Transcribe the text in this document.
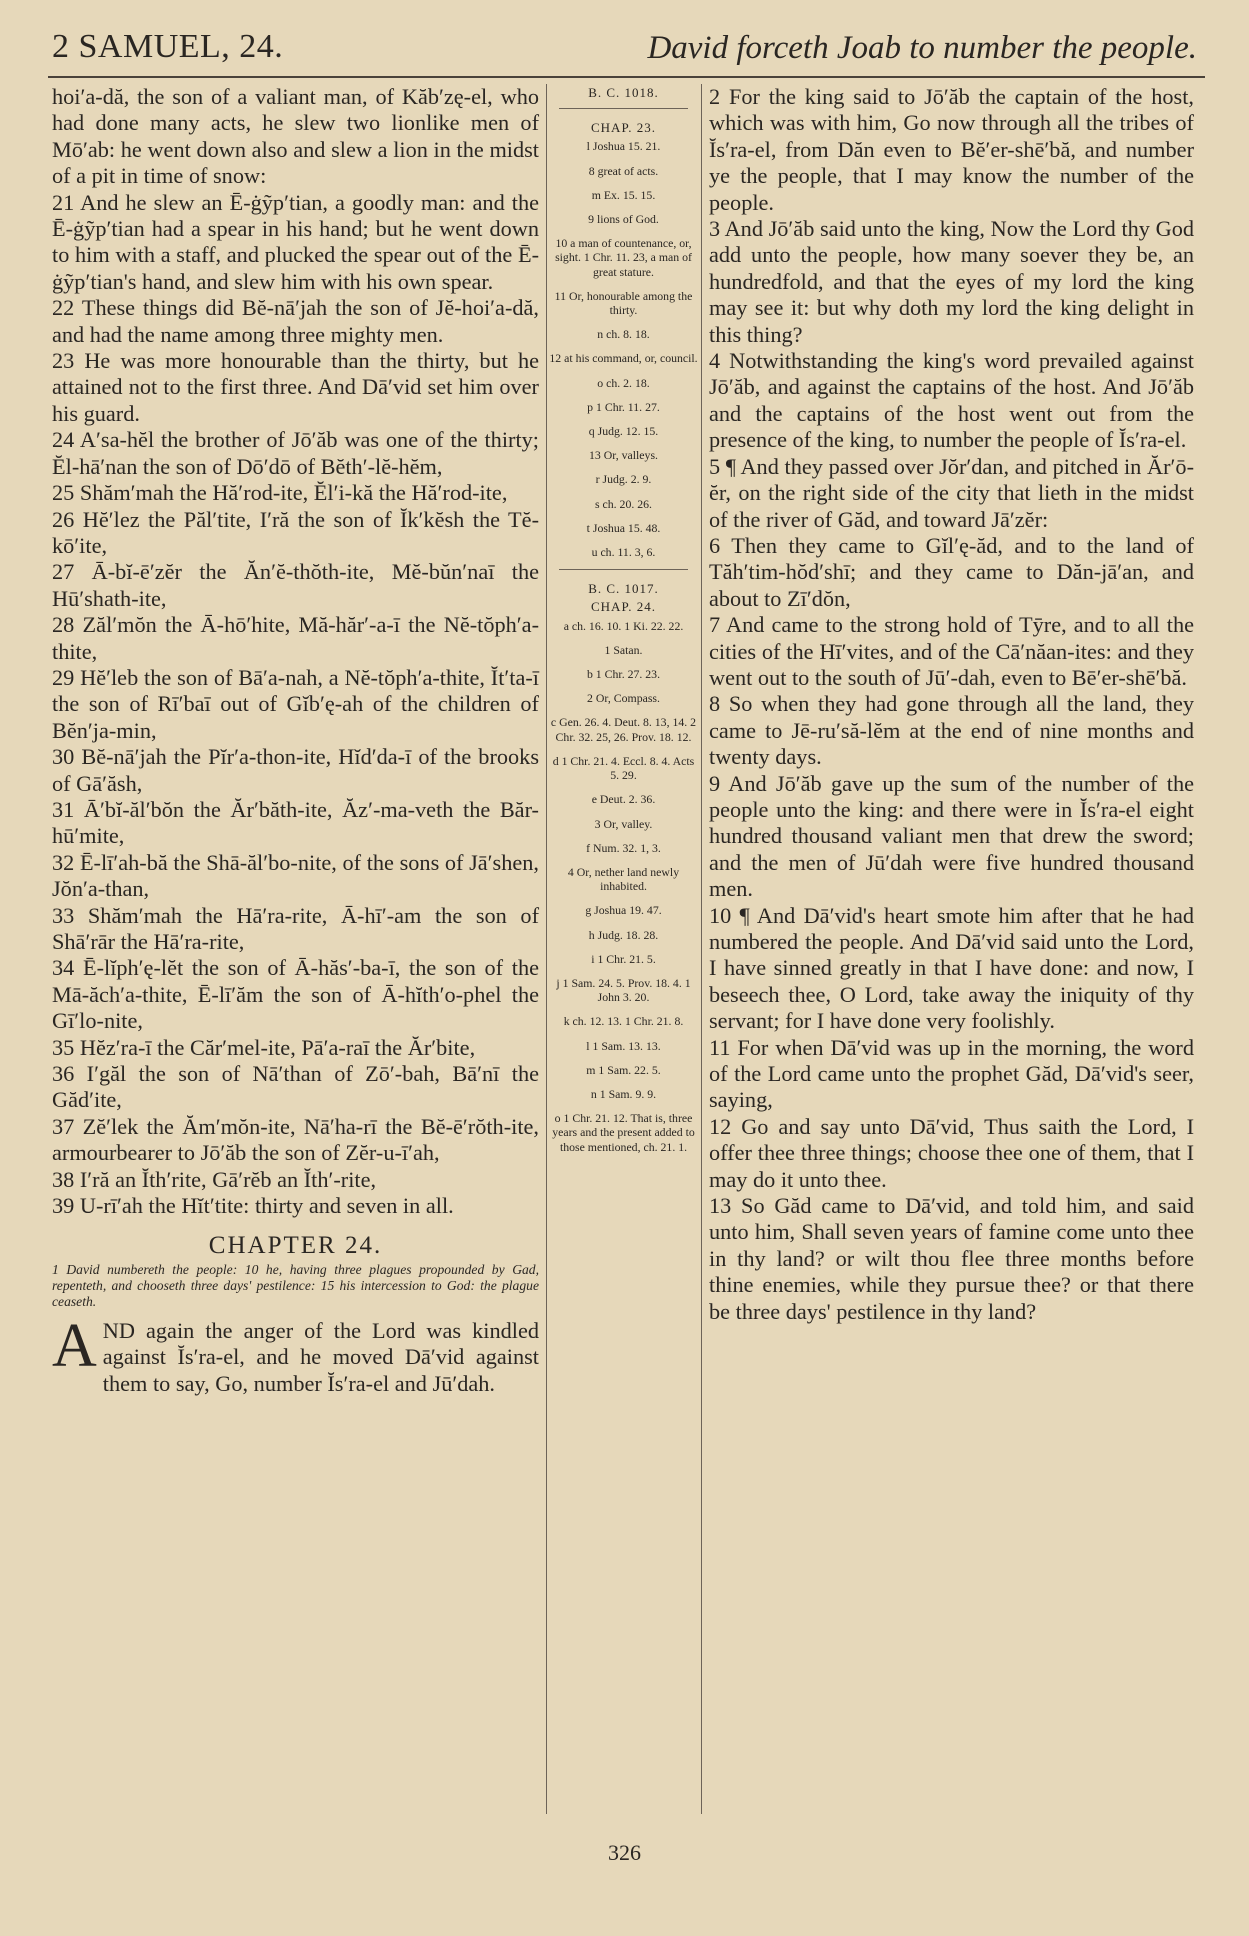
2 SAMUEL, 24.	David forceth Joab to number the people.

hoi′a-dă, the son of a valiant man, of Kăb′zę-el, who had done many acts, he slew two lionlike men of Mō′ab: he went down also and slew a lion in the midst of a pit in time of snow:

21 And he slew an Ē-ġỹp′tian, a goodly man: and the Ē-ġỹp′tian had a spear in his hand; but he went down to him with a staff, and plucked the spear out of the Ē-ġỹp′tian's hand, and slew him with his own spear.

22 These things did Bĕ-nā′jah the son of Jĕ-hoi′a-dă, and had the name among three mighty men.

23 He was more honourable than the thirty, but he attained not to the first three. And Dā′vid set him over his guard.

24 A′sa-hĕl the brother of Jō′ăb was one of the thirty; Ĕl-hā′nan the son of Dō′dō of Bĕth′-lĕ-hĕm,

25 Shăm′mah the Hă′rod-ite, Ĕl′i-kă the Hă′rod-ite,

26 Hĕ′lez the Păl′tite, I′ră the son of Ĭk′kĕsh the Tĕ-kō′ite,

27 Ā-bĭ-ē′zĕr the Ăn′ĕ-thŏth-ite, Mĕ-bŭn′naī the Hū′shath-ite,

28 Zăl′mŏn the Ā-hō′hite, Mă-hăr′-a-ī the Nĕ-tŏph′a-thite,

29 Hĕ′leb the son of Bā′a-nah, a Nĕ-tŏph′a-thite, Ĭt′ta-ī the son of Rī′baī out of Gĭb′ę-ah of the children of Bĕn′ja-min,

30 Bĕ-nā′jah the Pĭr′a-thon-ite, Hĭd′da-ī of the brooks of Gā′ăsh,

31 Ā′bĭ-ăl′bŏn the Ăr′băth-ite, Ăz′-ma-veth the Băr-hū′mite,

32 Ē-lī′ah-bă the Shā-ăl′bo-nite, of the sons of Jā′shen, Jŏn′a-than,

33 Shăm′mah the Hā′ra-rite, Ā-hī′-am the son of Shā′rār the Hā′ra-rite,

34 Ē-lĭph′ę-lĕt the son of Ā-hăs′-ba-ī, the son of the Mā-ăch′a-thite, Ē-lī′ăm the son of Ā-hĭth′o-phel the Gī′lo-nite,

35 Hĕz′ra-ī the Căr′mel-ite, Pā′a-raī the Ăr′bite,

36 I′găl the son of Nā′than of Zō′-bah, Bā′nī the Găd′ite,

37 Zĕ′lek the Ăm′mŏn-ite, Nā′ha-rī the Bĕ-ē′rŏth-ite, armourbearer to Jō′ăb the son of Zĕr-u-ī′ah,

38 I′ră an Ĭth′rite, Gā′rĕb an Ĭth′-rite,

39 U-rī′ah the Hĭt′tite: thirty and seven in all.

CHAPTER 24.
1 David numbereth the people: 10 he, having three plagues propounded by Gad, repenteth, and chooseth three days' pestilence: 15 his intercession to God: the plague ceaseth.

AND again the anger of the Lord was kindled against Ĭs′ra-el, and he moved Dā′vid against them to say, Go, number Ĭs′ra-el and Jū′dah.

B. C. 1018.
CHAP. 23.
l Joshua 15. 21.
8 great of acts.
m Ex. 15. 15.
9 lions of God.
10 a man of countenance, or, sight. 1 Chr. 11. 23, a man of great stature.
11 Or, honourable among the thirty.
n ch. 8. 18.
12 at his command, or, council.
o ch. 2. 18.
p 1 Chr. 11. 27.
q Judg. 12. 15.
13 Or, valleys.
r Judg. 2. 9.
s ch. 20. 26.
t Joshua 15. 48.
u ch. 11. 3, 6.
B. C. 1017.
CHAP. 24.
a ch. 16. 10. 1 Ki. 22. 22.
1 Satan.
b 1 Chr. 27. 23.
2 Or, Compass.
c Gen. 26. 4. Deut. 8. 13, 14. 2 Chr. 32. 25, 26. Prov. 18. 12.
d 1 Chr. 21. 4. Eccl. 8. 4. Acts 5. 29.
e Deut. 2. 36.
3 Or, valley.
f Num. 32. 1, 3.
4 Or, nether land newly inhabited.
g Joshua 19. 47.
h Judg. 18. 28.
i 1 Chr. 21. 5.
j 1 Sam. 24. 5. Prov. 18. 4. 1 John 3. 20.
k ch. 12. 13. 1 Chr. 21. 8.
l 1 Sam. 13. 13.
m 1 Sam. 22. 5.
n 1 Sam. 9. 9.
o 1 Chr. 21. 12. That is, three years and the present added to those mentioned, ch. 21. 1.

2 For the king said to Jō′ăb the captain of the host, which was with him, Go now through all the tribes of Ĭs′ra-el, from Dăn even to Bĕ′er-shē′bă, and number ye the people, that I may know the number of the people.

3 And Jō′ăb said unto the king, Now the Lord thy God add unto the people, how many soever they be, an hundredfold, and that the eyes of my lord the king may see it: but why doth my lord the king delight in this thing?

4 Notwithstanding the king's word prevailed against Jō′ăb, and against the captains of the host. And Jō′ăb and the captains of the host went out from the presence of the king, to number the people of Ĭs′ra-el.

5 ¶ And they passed over Jŏr′dan, and pitched in Ăr′ō-ĕr, on the right side of the city that lieth in the midst of the river of Găd, and toward Jā′zĕr:

6 Then they came to Gĭl′ę-ăd, and to the land of Tăh′tim-hŏd′shī; and they came to Dăn-jā′an, and about to Zī′dŏn,

7 And came to the strong hold of Tȳre, and to all the cities of the Hī′vites, and of the Cā′năan-ites: and they went out to the south of Jū′-dah, even to Bē′er-shē′bă.

8 So when they had gone through all the land, they came to Jē-ru′să-lĕm at the end of nine months and twenty days.

9 And Jō′ăb gave up the sum of the number of the people unto the king: and there were in Ĭs′ra-el eight hundred thousand valiant men that drew the sword; and the men of Jū′dah were five hundred thousand men.

10 ¶ And Dā′vid's heart smote him after that he had numbered the people. And Dā′vid said unto the Lord, I have sinned greatly in that I have done: and now, I beseech thee, O Lord, take away the iniquity of thy servant; for I have done very foolishly.

11 For when Dā′vid was up in the morning, the word of the Lord came unto the prophet Găd, Dā′vid's seer, saying,

12 Go and say unto Dā′vid, Thus saith the Lord, I offer thee three things; choose thee one of them, that I may do it unto thee.

13 So Găd came to Dā′vid, and told him, and said unto him, Shall seven years of famine come unto thee in thy land? or wilt thou flee three months before thine enemies, while they pursue thee? or that there be three days' pestilence in thy land?

326
